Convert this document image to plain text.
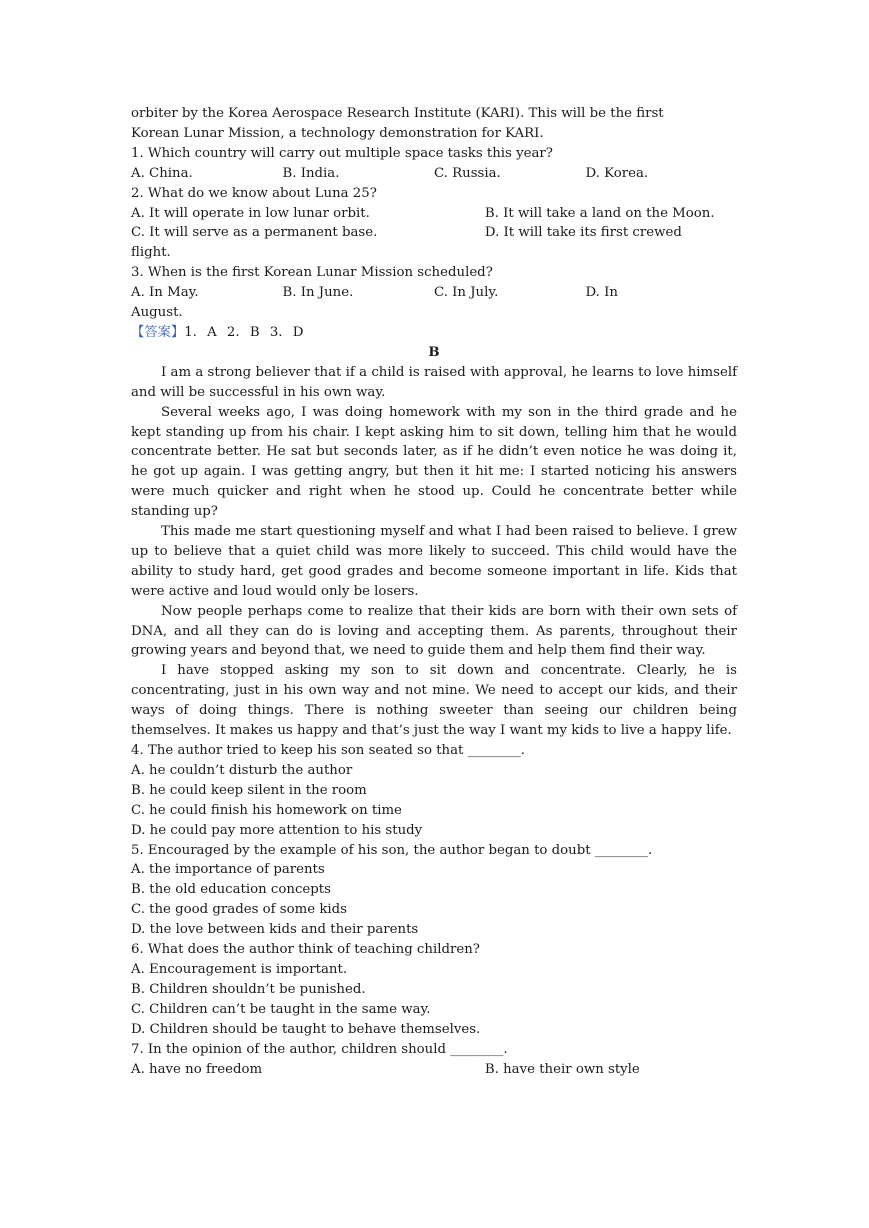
orbiter by the Korea Aerospace Research Institute (KARI). This will be the first

Korean Lunar Mission, a technology demonstration for KARI.

1. Which country will carry out multiple space tasks this year?

A. China.	B. India.	C. Russia.	D. Korea.

2. What do we know about Luna 25?

A. It will operate in low lunar orbit.	B. It will take a land on the Moon.
C. It will serve as a permanent base.	D. It will take its first crewed

flight.

3. When is the first Korean Lunar Mission scheduled?

A. In May.	B. In June.	C. In July.	D. In

August.

【答案】1. A 2. B 3. D

B

I am a strong believer that if a child is raised with approval, he learns to love himself and will be successful in his own way.

Several weeks ago, I was doing homework with my son in the third grade and he kept standing up from his chair. I kept asking him to sit down, telling him that he would concentrate better. He sat but seconds later, as if he didn’t even notice he was doing it, he got up again. I was getting angry, but then it hit me: I started noticing his answers were much quicker and right when he stood up. Could he concentrate better while standing up?

This made me start questioning myself and what I had been raised to believe. I grew up to believe that a quiet child was more likely to succeed. This child would have the ability to study hard, get good grades and become someone important in life. Kids that were active and loud would only be losers.

Now people perhaps come to realize that their kids are born with their own sets of DNA, and all they can do is loving and accepting them. As parents, throughout their growing years and beyond that, we need to guide them and help them find their way.

I have stopped asking my son to sit down and concentrate. Clearly, he is concentrating, just in his own way and not mine. We need to accept our kids, and their ways of doing things. There is nothing sweeter than seeing our children being themselves. It makes us happy and that’s just the way I want my kids to live a happy life.

4. The author tried to keep his son seated so that ________.

A. he couldn’t disturb the author

B. he could keep silent in the room

C. he could finish his homework on time

D. he could pay more attention to his study

5. Encouraged by the example of his son, the author began to doubt ________.

A. the importance of parents

B. the old education concepts

C. the good grades of some kids

D. the love between kids and their parents

6. What does the author think of teaching children?

A. Encouragement is important.

B. Children shouldn’t be punished.

C. Children can’t be taught in the same way.

D. Children should be taught to behave themselves.

7. In the opinion of the author, children should ________.

A. have no freedom	B. have their own style
